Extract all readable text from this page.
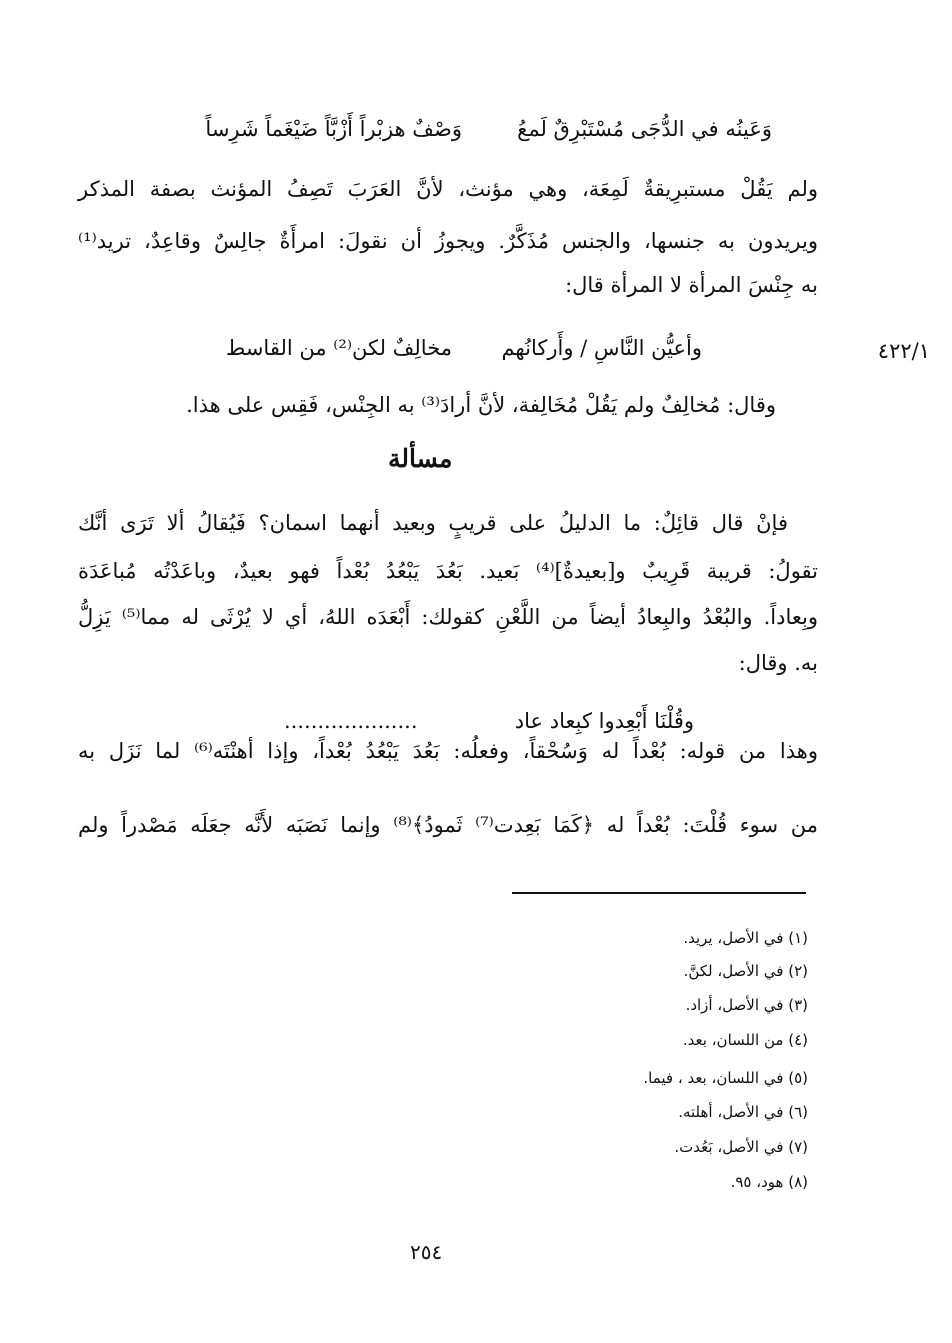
وَصْفٌ هزبْراً أَزْبَّاً ضَيْغَماً شَرِساً	وَعَينُه في الدُّجَى مُسْتَبْرِقٌ لَمعُ
ولم يَقُلْ مستبرِيقةٌ لَمِعَة، وهي مؤنث، لأنَّ العَرَبَ تَصِفُ المؤنث بصفة المذكر
ويريدون به جنسها، والجنس مُذَكَّرٌ. ويجوزُ أن نقولَ: امرأَةٌ جالِسٌ وقاعِدٌ، تريد⁽¹⁾
به جِنْسَ المرأة لا المرأة قال:
٤٢٢/١
وأعيُّن النَّاسِ / وأَركانُهم
مخالِفٌ لكن⁽²⁾ من القاسط
وقال: مُخالِفٌ ولم يَقُلْ مُخَالِفة، لأنَّ أرادَ⁽³⁾ به الجِنْس، فَقِس على هذا.
مسألة
فإنْ قال قائِلٌ: ما الدليلُ على قريبٍ وبعيد أنهما اسمان؟ فَيُقالُ ألا تَرَى أنَّك
تقولُ: قريبة قَرِيبٌ و[بعيدةٌ]⁽⁴⁾ بَعيد. بَعُدَ يَبْعُدُ بُعْداً فهو بعيدٌ، وباعَدْتُه مُباعَدَة
وبِعاداً. والبُعْدُ والبِعادُ أيضاً من اللَّعْنِ كقولك: أَبْعَدَه اللهُ، أي لا يُرْثَى له مما⁽⁵⁾ يَزِلُّ
به. وقال:
وقُلْنَا أَبْعِدوا كبِعاد عاد
....................
وهذا من قوله: بُعْداً له وَسُحْقاً، وفعلُه: بَعُدَ يَبْعُدُ بُعْداً، وإذا أهنْتَه⁽⁶⁾ لما نَزَل به
من سوء قُلْتَ: بُعْداً له ﴿كَمَا بَعِدت⁽⁷⁾ ثَمودُ﴾⁽⁸⁾ وإنما نَصَبَه لأَنَّه جعَلَه مَصْدراً ولم
(١) في الأصل، يريد.
(٢) في الأصل، لكنَّ.
(٣) في الأصل، أزاد.
(٤) من اللسان، بعد.
(٥) في اللسان، بعد ، فيما.
(٦) في الأصل، أهلته.
(٧) في الأصل، بَعُدت.
(٨) هود، ٩٥.
٢٥٤
